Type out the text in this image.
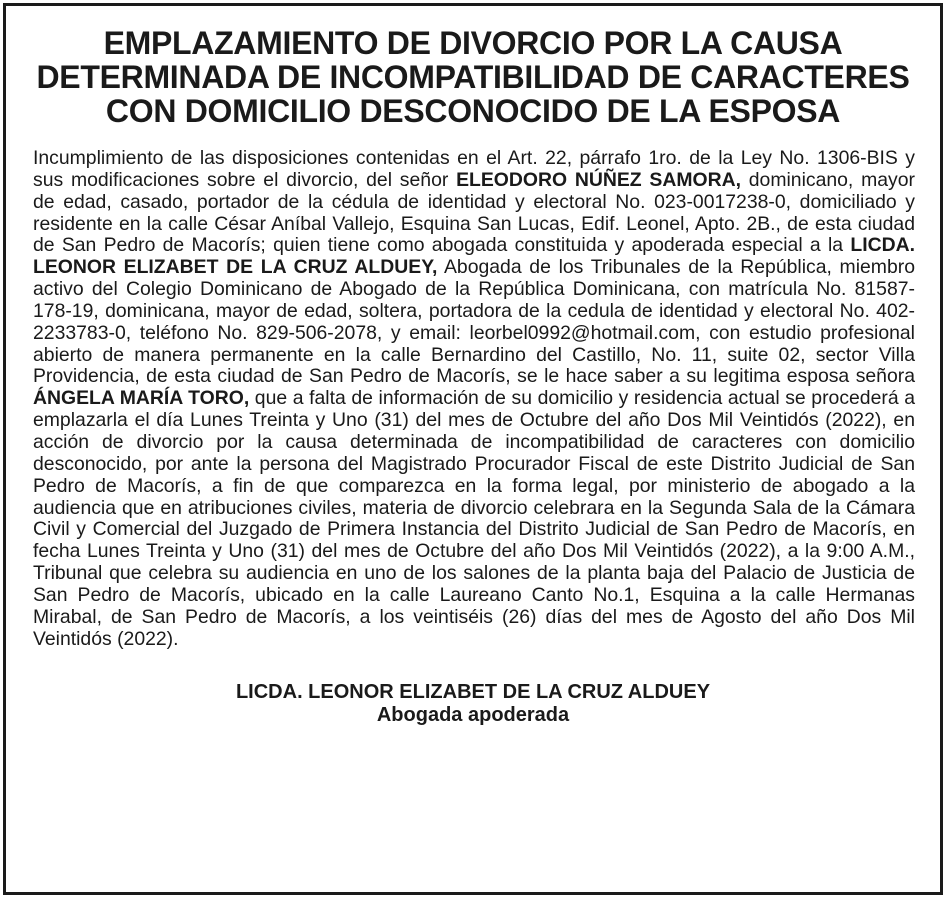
EMPLAZAMIENTO DE DIVORCIO POR LA CAUSA
DETERMINADA DE INCOMPATIBILIDAD DE CARACTERES
CON DOMICILIO DESCONOCIDO DE LA ESPOSA

Incumplimiento de las disposiciones contenidas en el Art. 22, párrafo 1ro. de la Ley No. 1306-BIS y sus modificaciones sobre el divorcio, del señor ELEODORO NÚÑEZ SAMORA, dominicano, mayor de edad, casado, portador de la cédula de identidad y electoral No. 023-0017238-0, domiciliado y residente en la calle César Aníbal Vallejo, Esquina San Lucas, Edif. Leonel, Apto. 2B., de esta ciudad de San Pedro de Macorís; quien tiene como abogada constituida y apoderada especial a la LICDA. LEONOR ELIZABET DE LA CRUZ ALDUEY, Abogada de los Tribunales de la República, miembro activo del Colegio Dominicano de Abogado de la República Dominicana, con matrícula No. 81587-178-19, dominicana, mayor de edad, soltera, portadora de la cedula de identidad y electoral No. 402-2233783-0, teléfono No. 829-506-2078, y email: leorbel0992@hotmail.com, con estudio profesional abierto de manera permanente en la calle Bernardino del Castillo, No. 11, suite 02, sector Villa Providencia, de esta ciudad de San Pedro de Macorís, se le hace saber a su legitima esposa señora ÁNGELA MARÍA TORO, que a falta de información de su domicilio y residencia actual se procederá a emplazarla el día Lunes Treinta y Uno (31) del mes de Octubre del año Dos Mil Veintidós (2022), en acción de divorcio por la causa determinada de incompatibilidad de caracteres con domicilio desconocido, por ante la persona del Magistrado Procurador Fiscal de este Distrito Judicial de San Pedro de Macorís, a fin de que comparezca en la forma legal, por ministerio de abogado a la audiencia que en atribuciones civiles, materia de divorcio celebrara en la Segunda Sala de la Cámara Civil y Comercial del Juzgado de Primera Instancia del Distrito Judicial de San Pedro de Macorís, en fecha Lunes Treinta y Uno (31) del mes de Octubre del año Dos Mil Veintidós (2022), a la 9:00 A.M., Tribunal que celebra su audiencia en uno de los salones de la planta baja del Palacio de Justicia de San Pedro de Macorís, ubicado en la calle Laureano Canto No.1, Esquina a la calle Hermanas Mirabal, de San Pedro de Macorís, a los veintiséis (26) días del mes de Agosto del año Dos Mil Veintidós (2022).

LICDA. LEONOR ELIZABET DE LA CRUZ ALDUEY
Abogada apoderada
